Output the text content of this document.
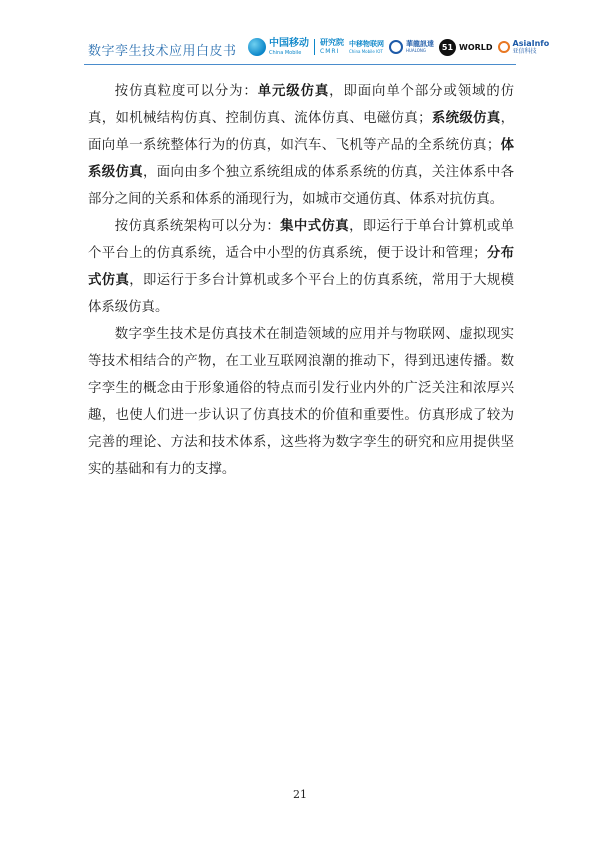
数字孪生技术应用白皮书
中国移动
China Mobile
研究院
CMRI
中移物联网
China Mobile IOT
華龍訊達
HUALONG	51 WORLD	AsiaInfo
亚信科技

按仿真粒度可以分为：单元级仿真，即面向单个部分或领域的仿真，如机械结构仿真、控制仿真、流体仿真、电磁仿真；系统级仿真，面向单一系统整体行为的仿真，如汽车、飞机等产品的全系统仿真；体系级仿真，面向由多个独立系统组成的体系系统的仿真，关注体系中各部分之间的关系和体系的涌现行为，如城市交通仿真、体系对抗仿真。

按仿真系统架构可以分为：集中式仿真，即运行于单台计算机或单个平台上的仿真系统，适合中小型的仿真系统，便于设计和管理；分布式仿真，即运行于多台计算机或多个平台上的仿真系统，常用于大规模体系级仿真。

数字孪生技术是仿真技术在制造领域的应用并与物联网、虚拟现实等技术相结合的产物，在工业互联网浪潮的推动下，得到迅速传播。数字孪生的概念由于形象通俗的特点而引发行业内外的广泛关注和浓厚兴趣，也使人们进一步认识了仿真技术的价值和重要性。仿真形成了较为完善的理论、方法和技术体系，这些将为数字孪生的研究和应用提供坚实的基础和有力的支撑。

21
